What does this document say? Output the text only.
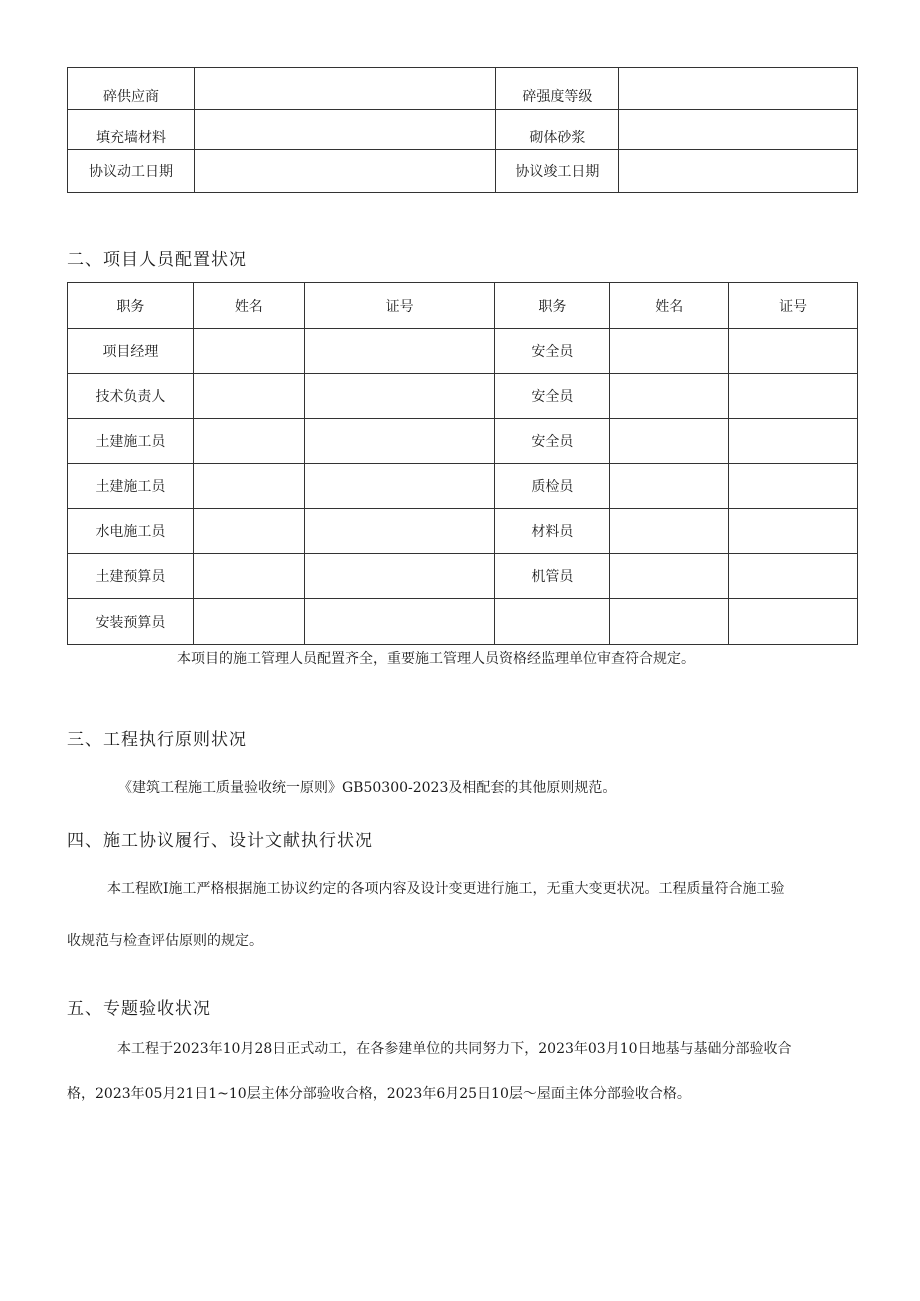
碎供应商		碎强度等级	
填充墙材料		砌体砂浆	
协议动工日期		协议竣工日期	
二、项目人员配置状况
职务	姓名	证号	职务	姓名	证号
项目经理			安全员		
技术负责人			安全员		
土建施工员			安全员		
土建施工员			质检员		
水电施工员			材料员		
土建预算员			机管员		
安装预算员					
本项目的施工管理人员配置齐全，重要施工管理人员资格经监理单位审查符合规定。
三、工程执行原则状况
《建筑工程施工质量验收统一原则》GB50300-2023及相配套的其他原则规范。
四、施工协议履行、设计文献执行状况
本工程欧I施工严格根据施工协议约定的各项内容及设计变更进行施工，无重大变更状况。工程质量符合施工验
收规范与检查评估原则的规定。
五、专题验收状况
本工程于2023年10月28日正式动工，在各参建单位的共同努力下，2023年03月10日地基与基础分部验收合
格，2023年05月21日1~10层主体分部验收合格，2023年6月25日10层～屋面主体分部验收合格。
